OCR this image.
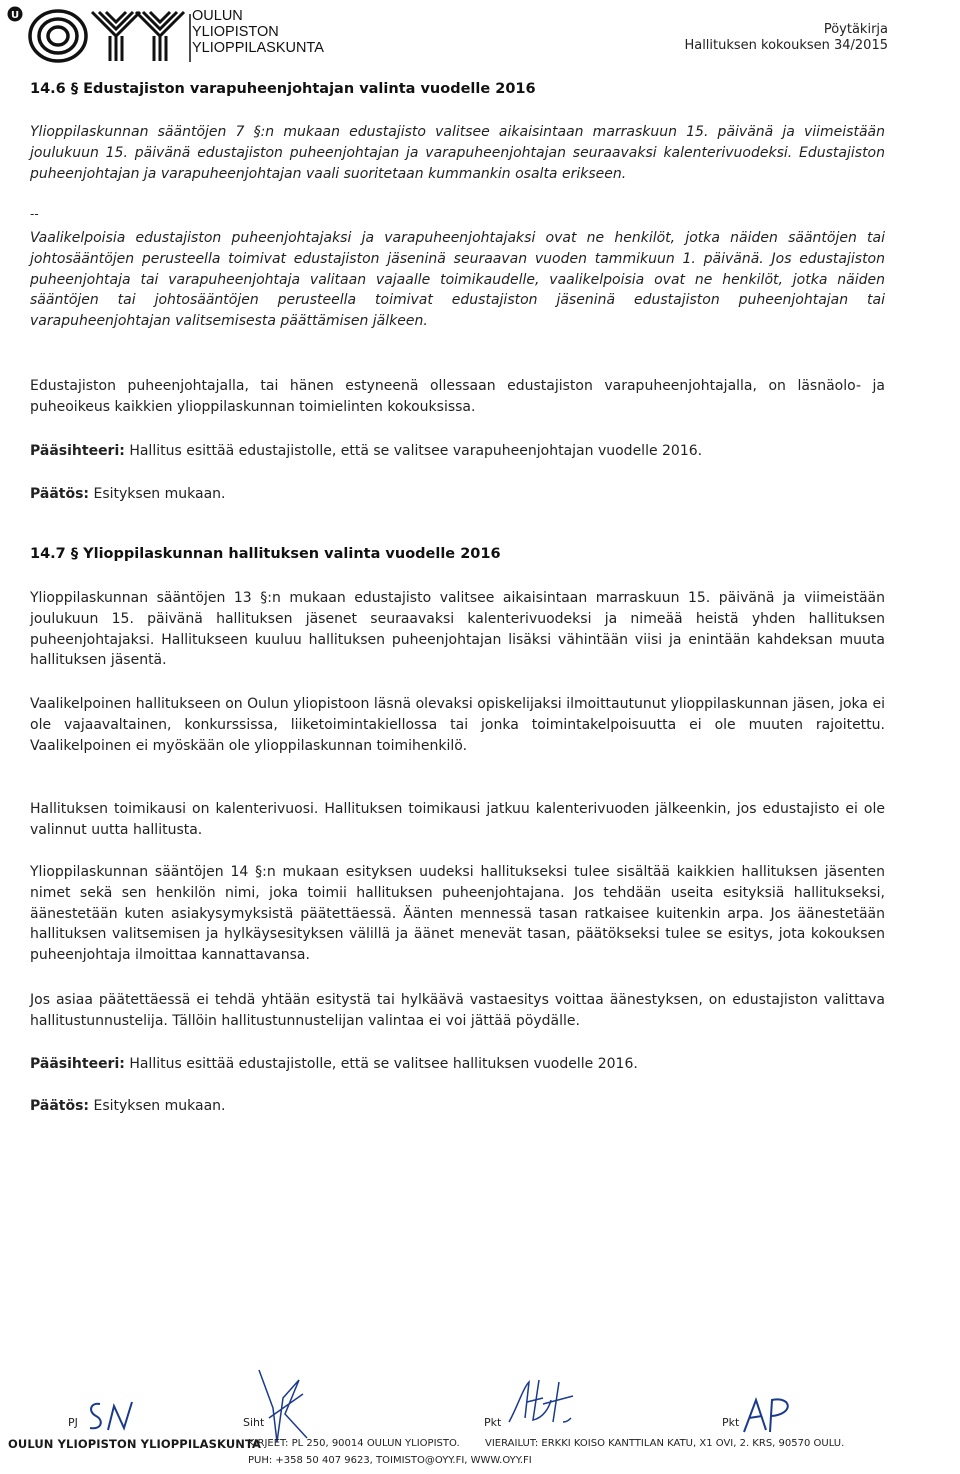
U	OULUN
YLIOPISTON
YLIOPPILASKUNTA
Pöytäkirja
Hallituksen kokouksen 34/2015
14.6 § Edustajiston varapuheenjohtajan valinta vuodelle 2016

Ylioppilaskunnan sääntöjen 7 §:n mukaan edustajisto valitsee aikaisintaan marraskuun 15. päivänä ja viimeistään joulukuun 15. päivänä edustajiston puheenjohtajan ja varapuheenjohtajan seuraavaksi kalenterivuodeksi. Edustajiston puheenjohtajan ja varapuheenjohtajan vaali suoritetaan kummankin osalta erikseen.

--

Vaalikelpoisia edustajiston puheenjohtajaksi ja varapuheenjohtajaksi ovat ne henkilöt, jotka näiden sääntöjen tai johtosääntöjen perusteella toimivat edustajiston jäseninä seuraavan vuoden tammikuun 1. päivänä. Jos edustajiston puheenjohtaja tai varapuheenjohtaja valitaan vajaalle toimikaudelle, vaalikelpoisia ovat ne henkilöt, jotka näiden sääntöjen tai johtosääntöjen perusteella toimivat edustajiston jäseninä edustajiston puheenjohtajan tai varapuheenjohtajan valitsemisesta päättämisen jälkeen.

Edustajiston puheenjohtajalla, tai hänen estyneenä ollessaan edustajiston varapuheenjohtajalla, on läsnäolo- ja puheoikeus kaikkien ylioppilaskunnan toimielinten kokouksissa.

Pääsihteeri: Hallitus esittää edustajistolle, että se valitsee varapuheenjohtajan vuodelle 2016.

Päätös: Esityksen mukaan.

14.7 § Ylioppilaskunnan hallituksen valinta vuodelle 2016

Ylioppilaskunnan sääntöjen 13 §:n mukaan edustajisto valitsee aikaisintaan marraskuun 15. päivänä ja viimeistään joulukuun 15. päivänä hallituksen jäsenet seuraavaksi kalenterivuodeksi ja nimeää heistä yhden hallituksen puheenjohtajaksi. Hallitukseen kuuluu hallituksen puheenjohtajan lisäksi vähintään viisi ja enintään kahdeksan muuta hallituksen jäsentä.

Vaalikelpoinen hallitukseen on Oulun yliopistoon läsnä olevaksi opiskelijaksi ilmoittautunut ylioppilaskunnan jäsen, joka ei ole vajaavaltainen, konkurssissa, liiketoimintakiellossa tai jonka toimintakelpoisuutta ei ole muuten rajoitettu. Vaalikelpoinen ei myöskään ole ylioppilaskunnan toimihenkilö.

Hallituksen toimikausi on kalenterivuosi. Hallituksen toimikausi jatkuu kalenterivuoden jälkeenkin, jos edustajisto ei ole valinnut uutta hallitusta.

Ylioppilaskunnan sääntöjen 14 §:n mukaan esityksen uudeksi hallitukseksi tulee sisältää kaikkien hallituksen jäsenten nimet sekä sen henkilön nimi, joka toimii hallituksen puheenjohtajana. Jos tehdään useita esityksiä hallitukseksi, äänestetään kuten asiakysymyksistä päätettäessä. Äänten mennessä tasan ratkaisee kuitenkin arpa. Jos äänestetään hallituksen valitsemisen ja hylkäysesityksen välillä ja äänet menevät tasan, päätökseksi tulee se esitys, jota kokouksen puheenjohtaja ilmoittaa kannattavansa.

Jos asiaa päätettäessä ei tehdä yhtään esitystä tai hylkäävä vastaesitys voittaa äänestyksen, on edustajiston valittava hallitustunnustelija. Tällöin hallitustunnustelijan valintaa ei voi jättää pöydälle.

Pääsihteeri: Hallitus esittää edustajistolle, että se valitsee hallituksen vuodelle 2016.

Päätös: Esityksen mukaan.

PJ	Siht	Pkt	Pkt
OULUN YLIOPISTON YLIOPPILASKUNTA
KIRJEET: PL 250, 90014 OULUN YLIOPISTO.	VIERAILUT: ERKKI KOISO KANTTILAN KATU, X1 OVI, 2. KRS, 90570 OULU.
PUH: +358 50 407 9623, TOIMISTO@OYY.FI, WWW.OYY.FI
